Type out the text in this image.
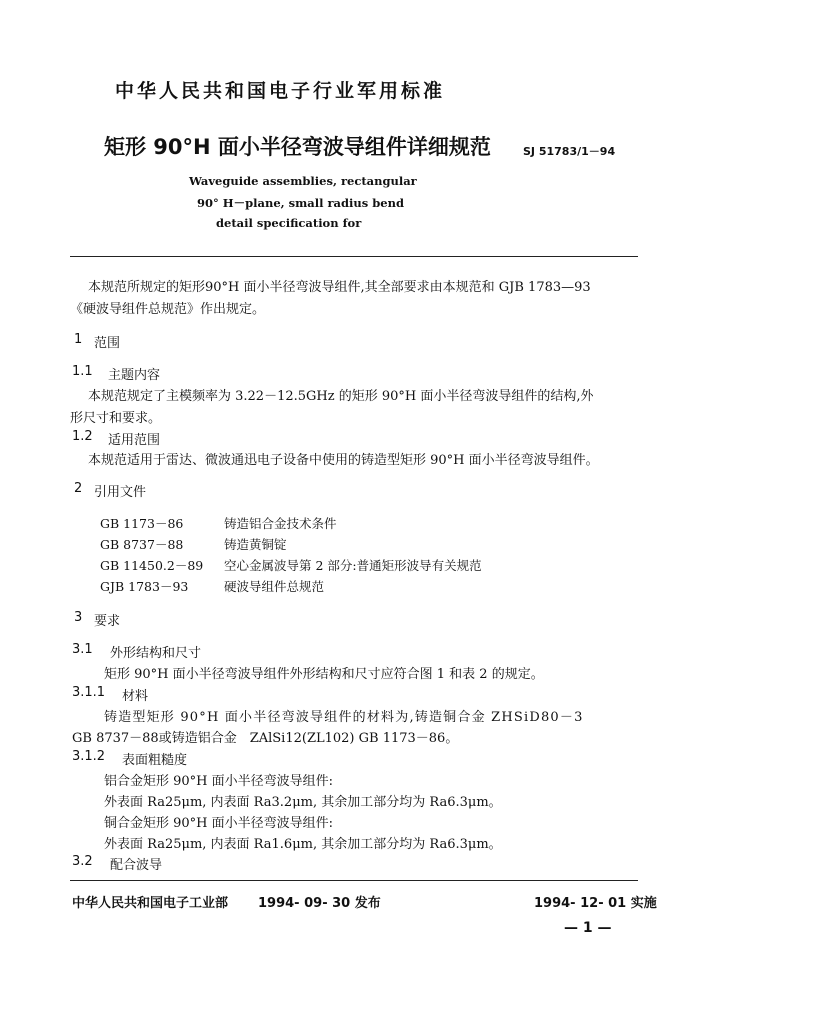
中华人民共和国电子行业军用标准
矩形 90°H 面小半径弯波导组件详细规范	SJ 51783/1－94
Waveguide assemblies, rectangular
90° H－plane, small radius bend
detail specification for
本规范所规定的矩形90°H 面小半径弯波导组件,其全部要求由本规范和 GJB 1783—93
《硬波导组件总规范》作出规定。
1 范围
1.1 主题内容
本规范规定了主模频率为 3.22－12.5GHz 的矩形 90°H 面小半径弯波导组件的结构,外
形尺寸和要求。
1.2 适用范围
本规范适用于雷达、微波通迅电子设备中使用的铸造型矩形 90°H 面小半径弯波导组件。
2 引用文件
GB 1173－86	铸造铝合金技术条件
GB 8737－88	铸造黄铜锭
GB 11450.2－89 空心金属波导第 2 部分:普通矩形波导有关规范
GJB 1783－93	硬波导组件总规范
3 要求
3.1 外形结构和尺寸
矩形 90°H 面小半径弯波导组件外形结构和尺寸应符合图 1 和表 2 的规定。
3.1.1 材料
铸造型矩形 90°H 面小半径弯波导组件的材料为,铸造铜合金 ZHSiD80－3
GB 8737－88或铸造铝合金　ZAlSi12(ZL102) GB 1173－86。
3.1.2 表面粗糙度
铝合金矩形 90°H 面小半径弯波导组件:
外表面 Ra25μm, 内表面 Ra3.2μm, 其余加工部分均为 Ra6.3μm。
铜合金矩形 90°H 面小半径弯波导组件:
外表面 Ra25μm, 内表面 Ra1.6μm, 其余加工部分均为 Ra6.3μm。
3.2 配合波导
中华人民共和国电子工业部 1994- 09- 30 发布	1994- 12- 01 实施
— 1 —
